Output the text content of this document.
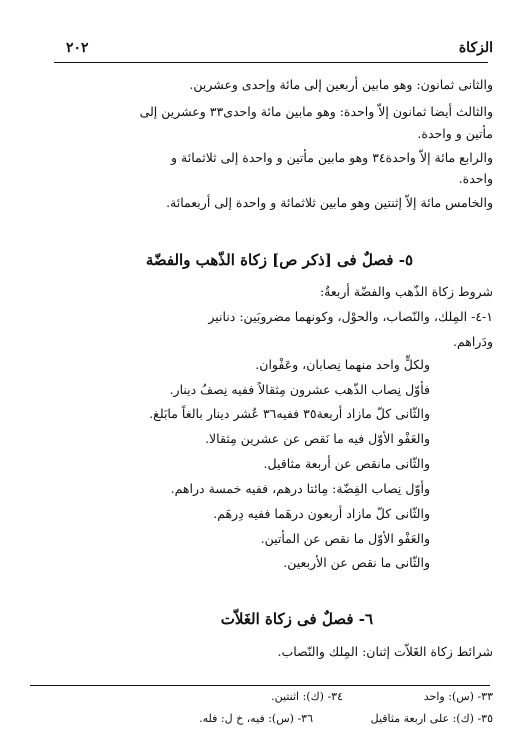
الزكاة
٢٠٢
والثانى ثمانون: وهو مابين أربعين إلى مائة وإحدى وعشرين.
والثالث أيضا ثمانون إلاّ واحدة: وهو مابين مائة واحدى٣٣ وعشرين إلى
مأتين و واحدة.
والرابع مائة إلاّ واحدة٣٤ وهو مابين مأتين و واحدة إلى ثلاثمائة و
واحدة.
والخامس مائة إلاّ إثنتين وهو مابين ثلاثمائة و واحدة إلى أربعمائة.
٥- فصلٌ فى [ذكر ص] زكاة الذّهب والفضّة
شروط زكاة الذّهب والفضّة أربعةٌ:
١-٤- المِلك، والنّصاب، والحوْل، وكونهما مضروبَين: دنانير
ودَراهم.
ولكلٍّ واحد منهما نِصابان، وعَفْوان.
فأوّل نِصاب الذّهب عشرون مِثقالاً ففيه نِصفُ دينار.
والثّانى كلّ مازاد أربعة٣٥ ففيه٣٦ عُشر دينار بالغاً مابَلغ.
والعَفْو الأوّل فيه ما نَقص عن عشرين مِثقالا.
والثّانى مانقص عن أربعة مثاقيل.
وأوّل نِصاب الفِضّة: مِائتا درهم، ففيه خمسة دراهم.
والثّانى كلّ مازاد أربعون درهَما ففيه دِرهَم.
والعَفْو الأوّل ما نقص عن المأتين.
والثّانى ما نقص عن الأربعين.
٦- فصلٌ فى زكاة الغَلاّت
شرائط زكاة الغَلاّت إثنان: المِلك والنّصاب.
٣٣- (س): واحد
٣٤- (ك): اثنتين.
٣٥- (ك): على اربعة مثاقيل
٣٦- (س): فيه، خ ل: فله.
